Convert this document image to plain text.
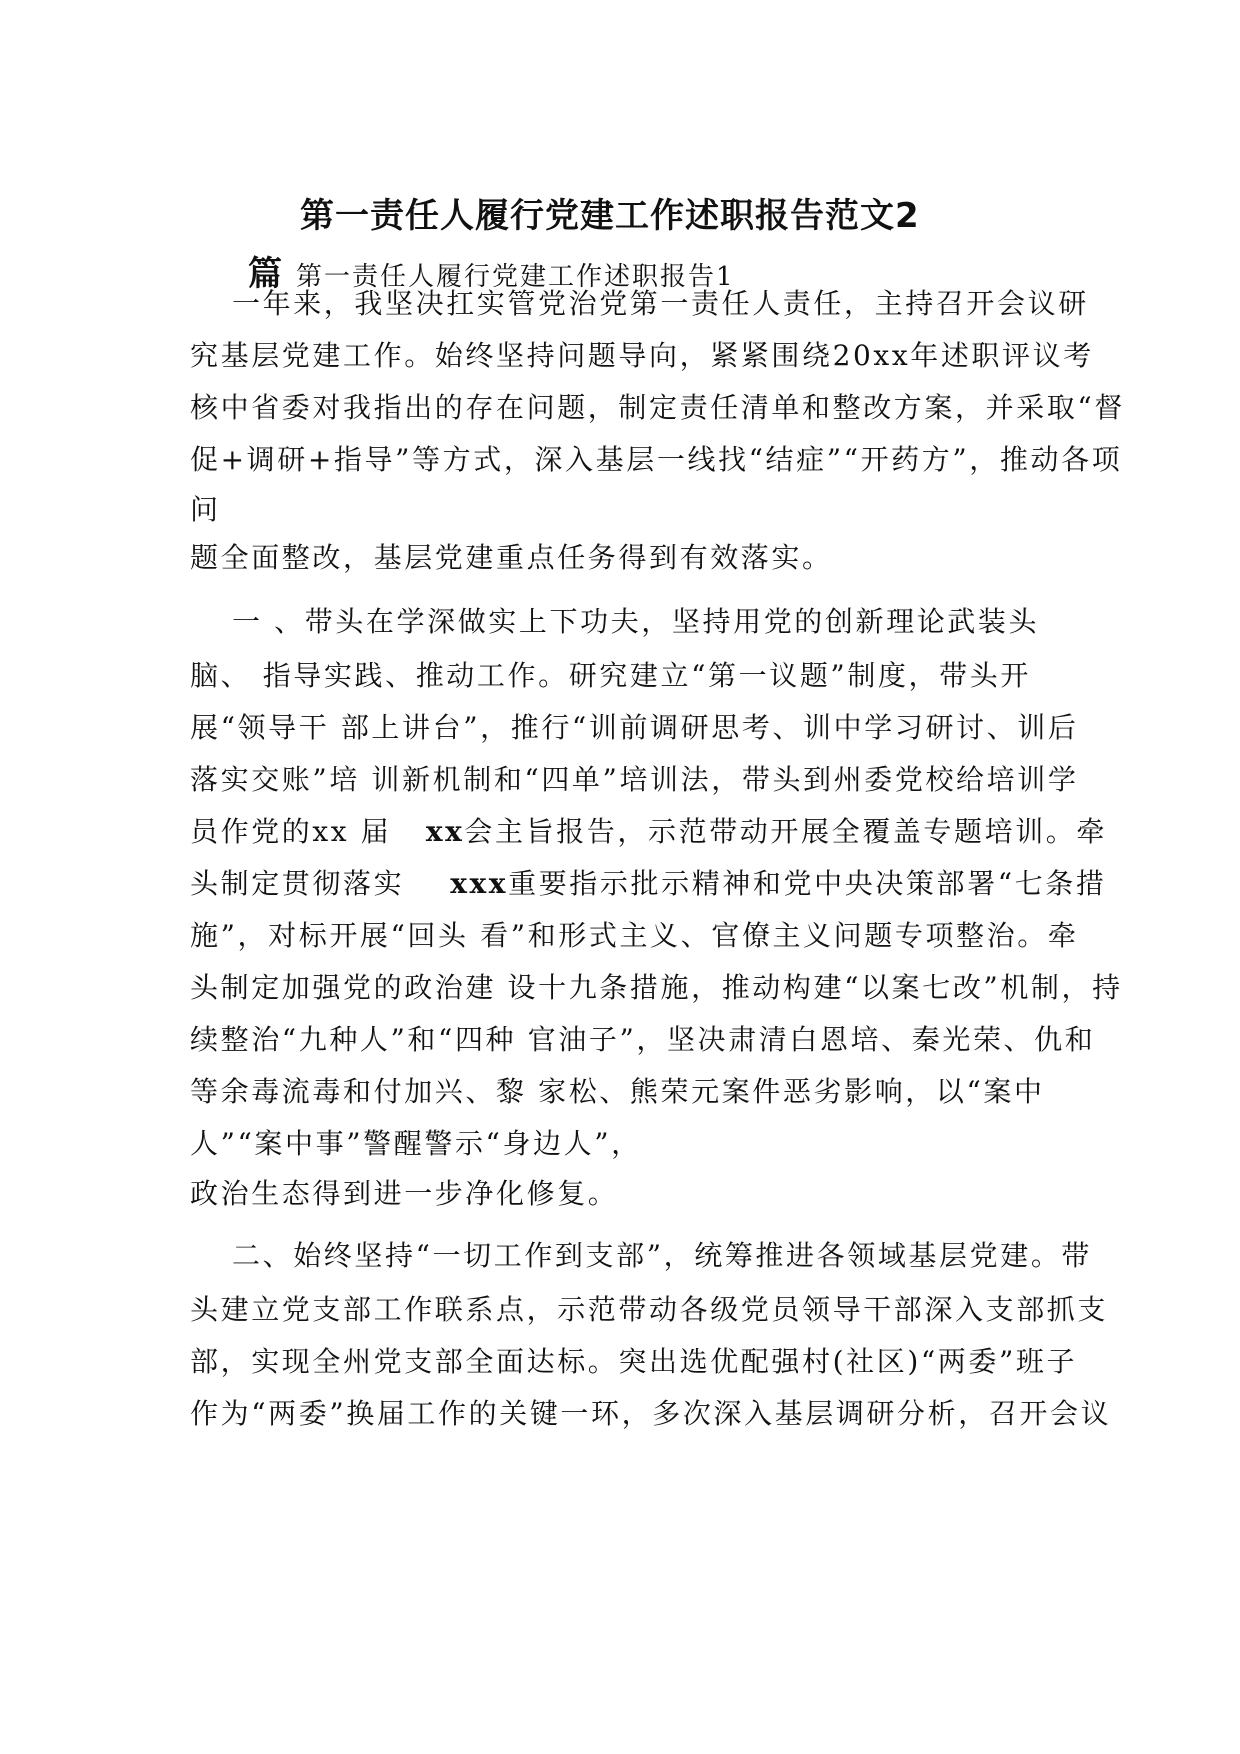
第一责任人履行党建工作述职报告范文2
篇 第一责任人履行党建工作述职报告1
一年来，我坚决扛实管党治党第一责任人责任，主持召开会议研
究基层党建工作。始终坚持问题导向，紧紧围绕20xx年述职评议考
核中省委对我指出的存在问题，制定责任清单和整改方案，并采取“督
促+调研+指导”等方式，深入基层一线找“结症”“开药方”，推动各项
问
题全面整改，基层党建重点任务得到有效落实。
一 、带头在学深做实上下功夫，坚持用党的创新理论武装头
脑、 指导实践、推动工作。研究建立“第一议题”制度，带头开
展“领导干 部上讲台”，推行“训前调研思考、训中学习研讨、训后
落实交账”培 训新机制和“四单”培训法，带头到州委党校给培训学
员作党的xx 届 xx会主旨报告，示范带动开展全覆盖专题培训。牵
头制定贯彻落实 xxx重要指示批示精神和党中央决策部署“七条措
施”，对标开展“回头 看”和形式主义、官僚主义问题专项整治。牵
头制定加强党的政治建 设十九条措施，推动构建“以案七改”机制，持
续整治“九种人”和“四种 官油子”，坚决肃清白恩培、秦光荣、仇和
等余毒流毒和付加兴、黎 家松、熊荣元案件恶劣影响，以“案中
人”“案中事”警醒警示“身边人”，
政治生态得到进一步净化修复。
二、始终坚持“一切工作到支部”，统筹推进各领域基层党建。带
头建立党支部工作联系点，示范带动各级党员领导干部深入支部抓支
部，实现全州党支部全面达标。突出选优配强村(社区)“两委”班子
作为“两委”换届工作的关键一环，多次深入基层调研分析，召开会议
